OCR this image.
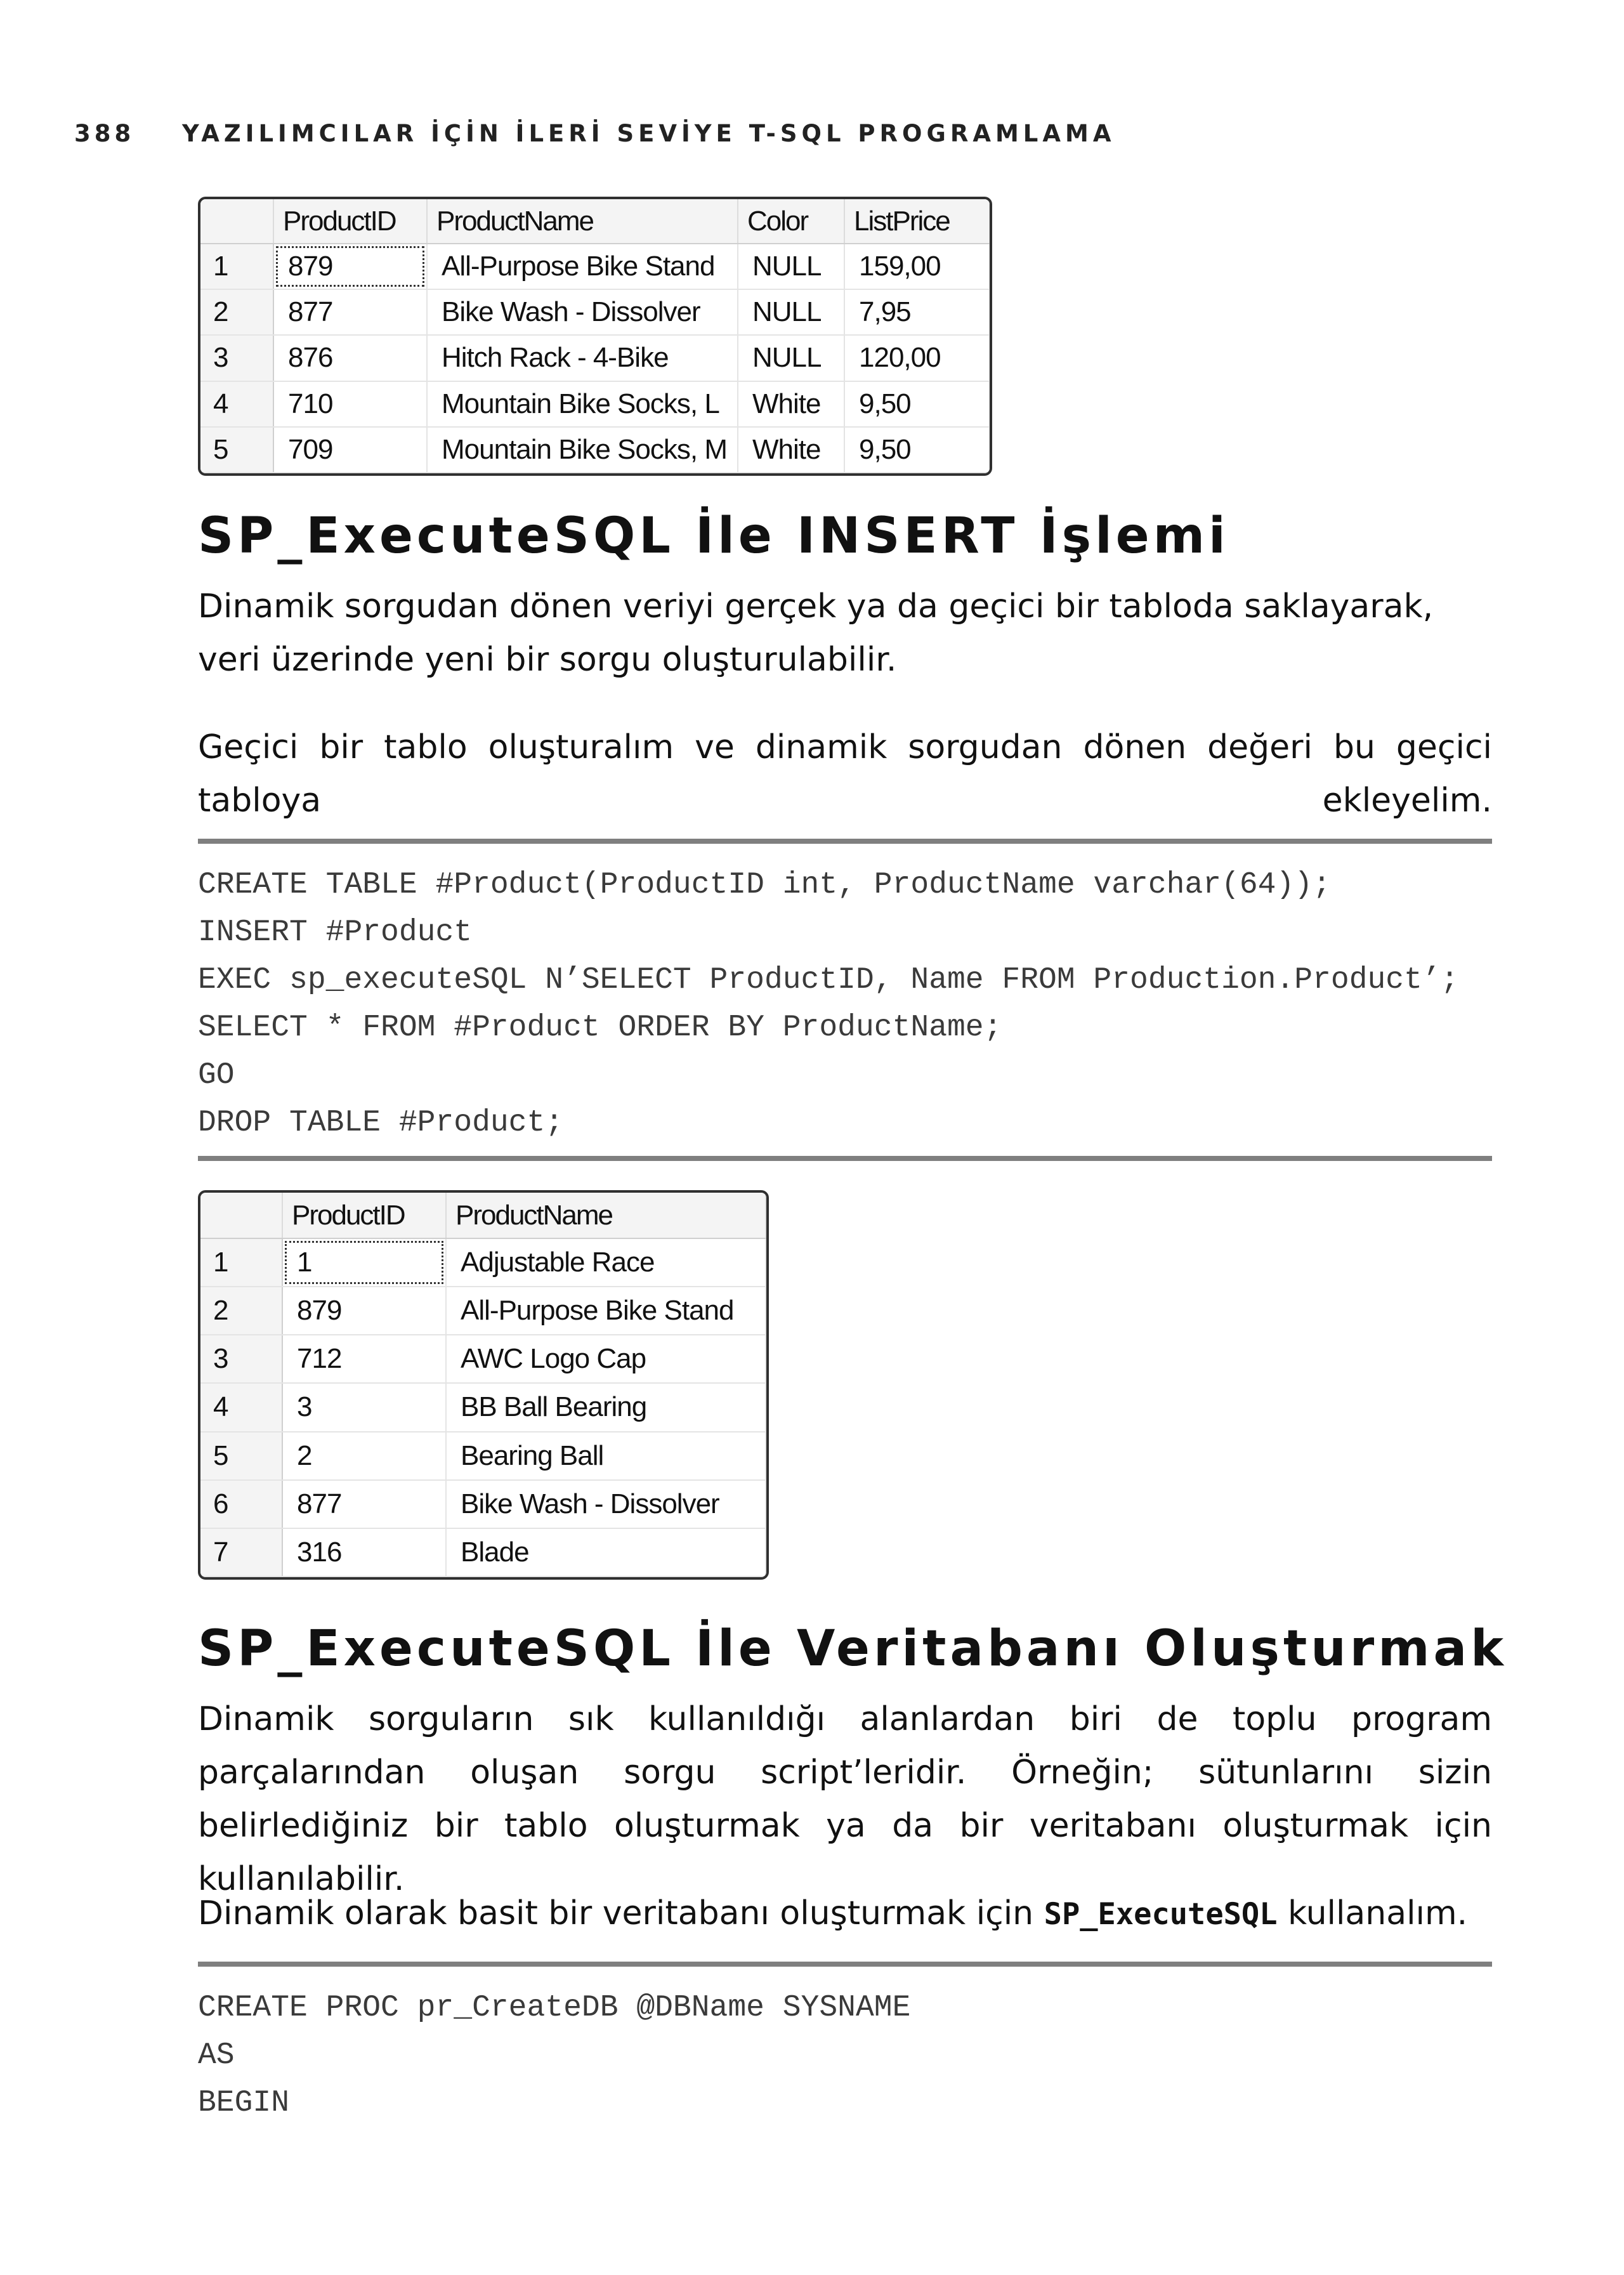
388	YAZILIMCILAR İÇİN İLERİ SEVİYE T-SQL PROGRAMLAMA
	ProductID	ProductName	Color	ListPrice
1	879	All-Purpose Bike Stand	NULL	159,00
2	877	Bike Wash - Dissolver	NULL	7,95
3	876	Hitch Rack - 4-Bike	NULL	120,00
4	710	Mountain Bike Socks, L	White	9,50
5	709	Mountain Bike Socks, M	White	9,50
SP_ExecuteSQL İle INSERT İşlemi

Dinamik sorgudan dönen veriyi gerçek ya da geçici bir tabloda saklayarak, veri üzerinde yeni bir sorgu oluşturulabilir.

Geçici bir tablo oluşturalım ve dinamik sorgudan dönen değeri bu geçici tabloya ekleyelim.

CREATE TABLE #Product(ProductID int, ProductName varchar(64));
INSERT #Product
EXEC sp_executeSQL N’SELECT ProductID, Name FROM Production.Product’;
SELECT * FROM #Product ORDER BY ProductName;
GO
DROP TABLE #Product;
	ProductID	ProductName
1	1	Adjustable Race
2	879	All-Purpose Bike Stand
3	712	AWC Logo Cap
4	3	BB Ball Bearing
5	2	Bearing Ball
6	877	Bike Wash - Dissolver
7	316	Blade
SP_ExecuteSQL İle Veritabanı Oluşturmak

Dinamik sorguların sık kullanıldığı alanlardan biri de toplu program parçalarından oluşan sorgu script’leridir. Örneğin; sütunlarını sizin belirlediğiniz bir tablo oluşturmak ya da bir veritabanı oluşturmak için kullanılabilir.

Dinamik olarak basit bir veritabanı oluşturmak için SP_ExecuteSQL kullanalım.

CREATE PROC pr_CreateDB @DBName SYSNAME
AS
BEGIN
